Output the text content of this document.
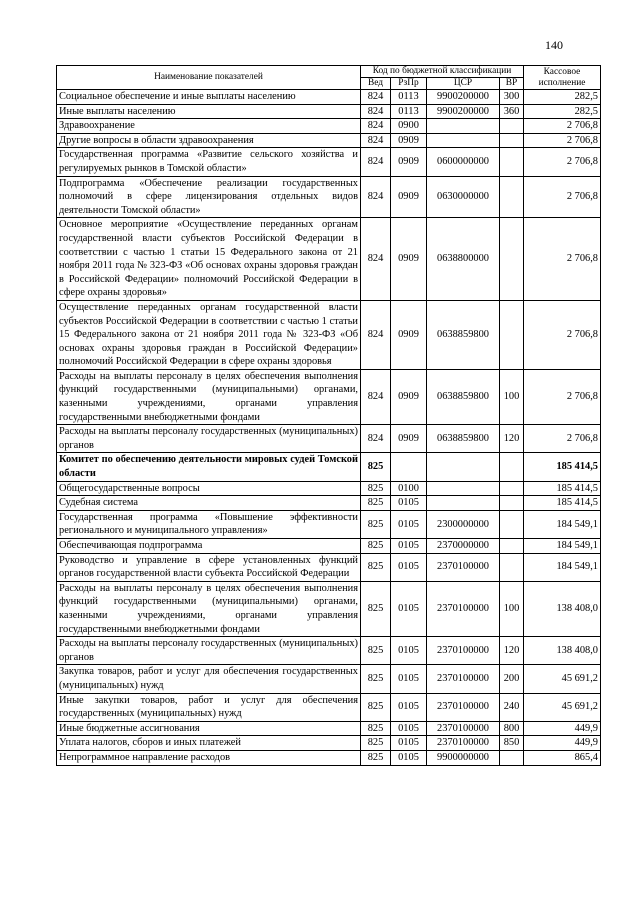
140
Наименование показателей	Код по бюджетной классификации				Кассовое исполнение
	Вед	РзПр	ЦСР	ВР	
Социальное обеспечение и иные выплаты населению	824	0113	9900200000	300	282,5
Иные выплаты населению	824	0113	9900200000	360	282,5
Здравоохранение	824	0900			2 706,8
Другие вопросы в области здравоохранения	824	0909			2 706,8
Государственная программа «Развитие сельского хозяйства и регулируемых рынков в Томской области»	824	0909	0600000000		2 706,8
Подпрограмма «Обеспечение реализации государственных полномочий в сфере лицензирования отдельных видов деятельности Томской области»	824	0909	0630000000		2 706,8
Основное мероприятие «Осуществление переданных органам государственной власти субъектов Российской Федерации в соответствии с частью 1 статьи 15 Федерального закона от 21 ноября 2011 года № 323-ФЗ «Об основах охраны здоровья граждан в Российской Федерации» полномочий Российской Федерации в сфере охраны здоровья»	824	0909	0638800000		2 706,8
Осуществление переданных органам государственной власти субъектов Российской Федерации в соответствии с частью 1 статьи 15 Федерального закона от 21 ноября 2011 года № 323-ФЗ «Об основах охраны здоровья граждан в Российской Федерации» полномочий Российской Федерации в сфере охраны здоровья	824	0909	0638859800		2 706,8
Расходы на выплаты персоналу в целях обеспечения выполнения функций государственными (муниципальными) органами, казенными учреждениями, органами управления государственными внебюджетными фондами	824	0909	0638859800	100	2 706,8
Расходы на выплаты персоналу государственных (муниципальных) органов	824	0909	0638859800	120	2 706,8
Комитет по обеспечению деятельности мировых судей Томской области	825				185 414,5
Общегосударственные вопросы	825	0100			185 414,5
Судебная система	825	0105			185 414,5
Государственная программа «Повышение эффективности регионального и муниципального управления»	825	0105	2300000000		184 549,1
Обеспечивающая подпрограмма	825	0105	2370000000		184 549,1
Руководство и управление в сфере установленных функций органов государственной власти субъекта Российской Федерации	825	0105	2370100000		184 549,1
Расходы на выплаты персоналу в целях обеспечения выполнения функций государственными (муниципальными) органами, казенными учреждениями, органами управления государственными внебюджетными фондами	825	0105	2370100000	100	138 408,0
Расходы на выплаты персоналу государственных (муниципальных) органов	825	0105	2370100000	120	138 408,0
Закупка товаров, работ и услуг для обеспечения государственных (муниципальных) нужд	825	0105	2370100000	200	45 691,2
Иные закупки товаров, работ и услуг для обеспечения государственных (муниципальных) нужд	825	0105	2370100000	240	45 691,2
Иные бюджетные ассигнования	825	0105	2370100000	800	449,9
Уплата налогов, сборов и иных платежей	825	0105	2370100000	850	449,9
Непрограммное направление расходов	825	0105	9900000000		865,4
